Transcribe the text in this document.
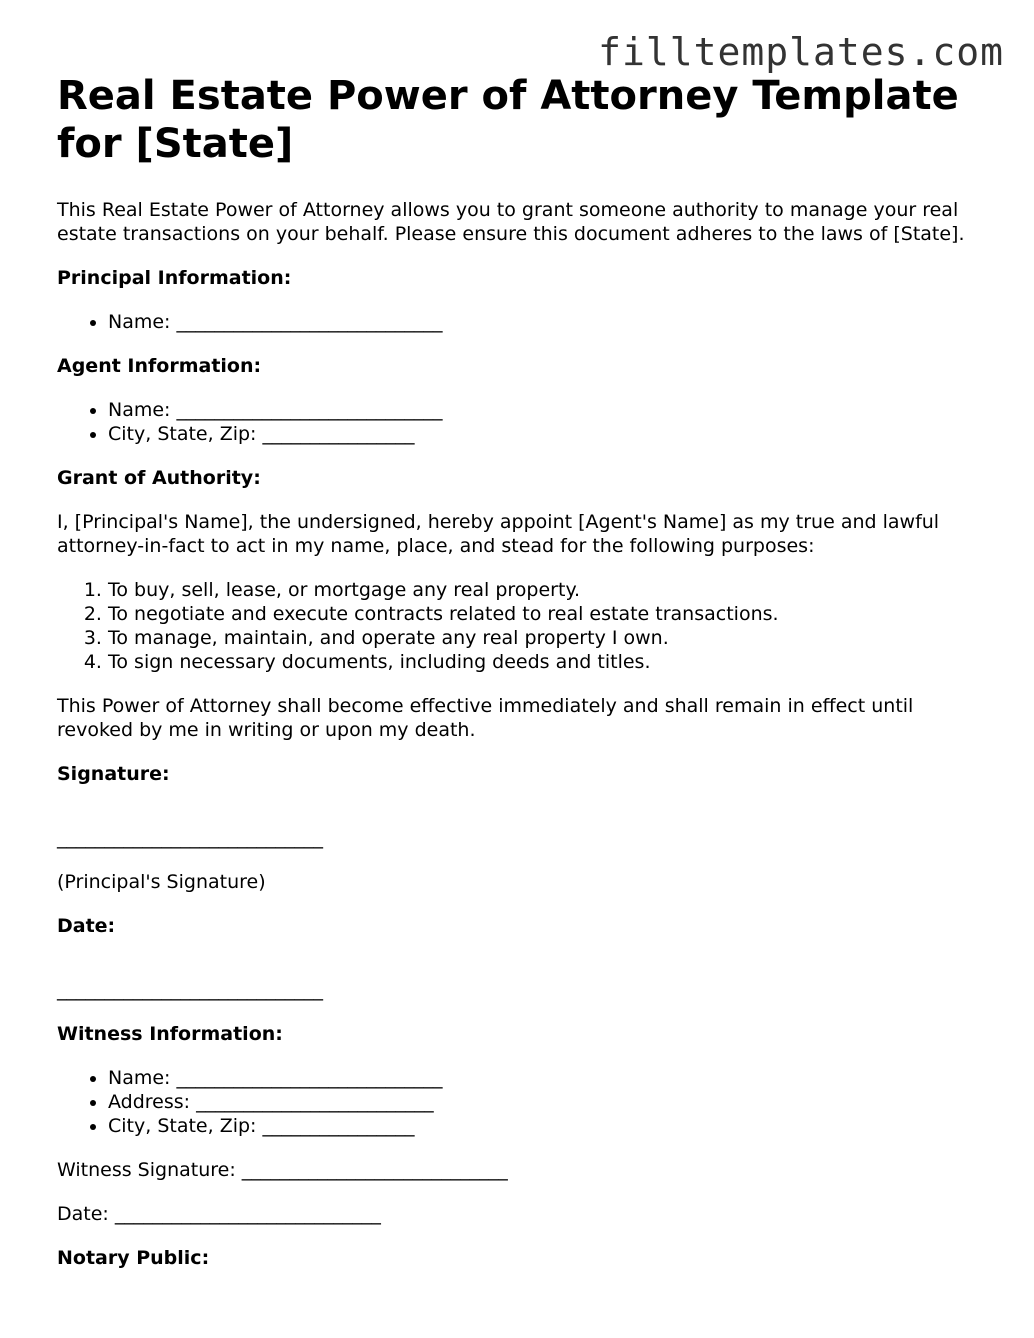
filltemplates.com
Real Estate Power of Attorney Template for [State]

This Real Estate Power of Attorney allows you to grant someone authority to manage your real estate transactions on your behalf. Please ensure this document adheres to the laws of [State].

Principal Information:
• Name: ____________________________
Agent Information:
• Name: ____________________________
• City, State, Zip: ________________
Grant of Authority:

I, [Principal's Name], the undersigned, hereby appoint [Agent's Name] as my true and lawful attorney-in-fact to act in my name, place, and stead for the following purposes:

1. To buy, sell, lease, or mortgage any real property.
2. To negotiate and execute contracts related to real estate transactions.
3. To manage, maintain, and operate any real property I own.
4. To sign necessary documents, including deeds and titles.

This Power of Attorney shall become effective immediately and shall remain in effect until revoked by me in writing or upon my death.

Signature:
____________________________

(Principal's Signature)

Date:
____________________________
Witness Information:
• Name: ____________________________
• Address: _________________________
• City, State, Zip: ________________

Witness Signature: ____________________________

Date: ____________________________

Notary Public:
